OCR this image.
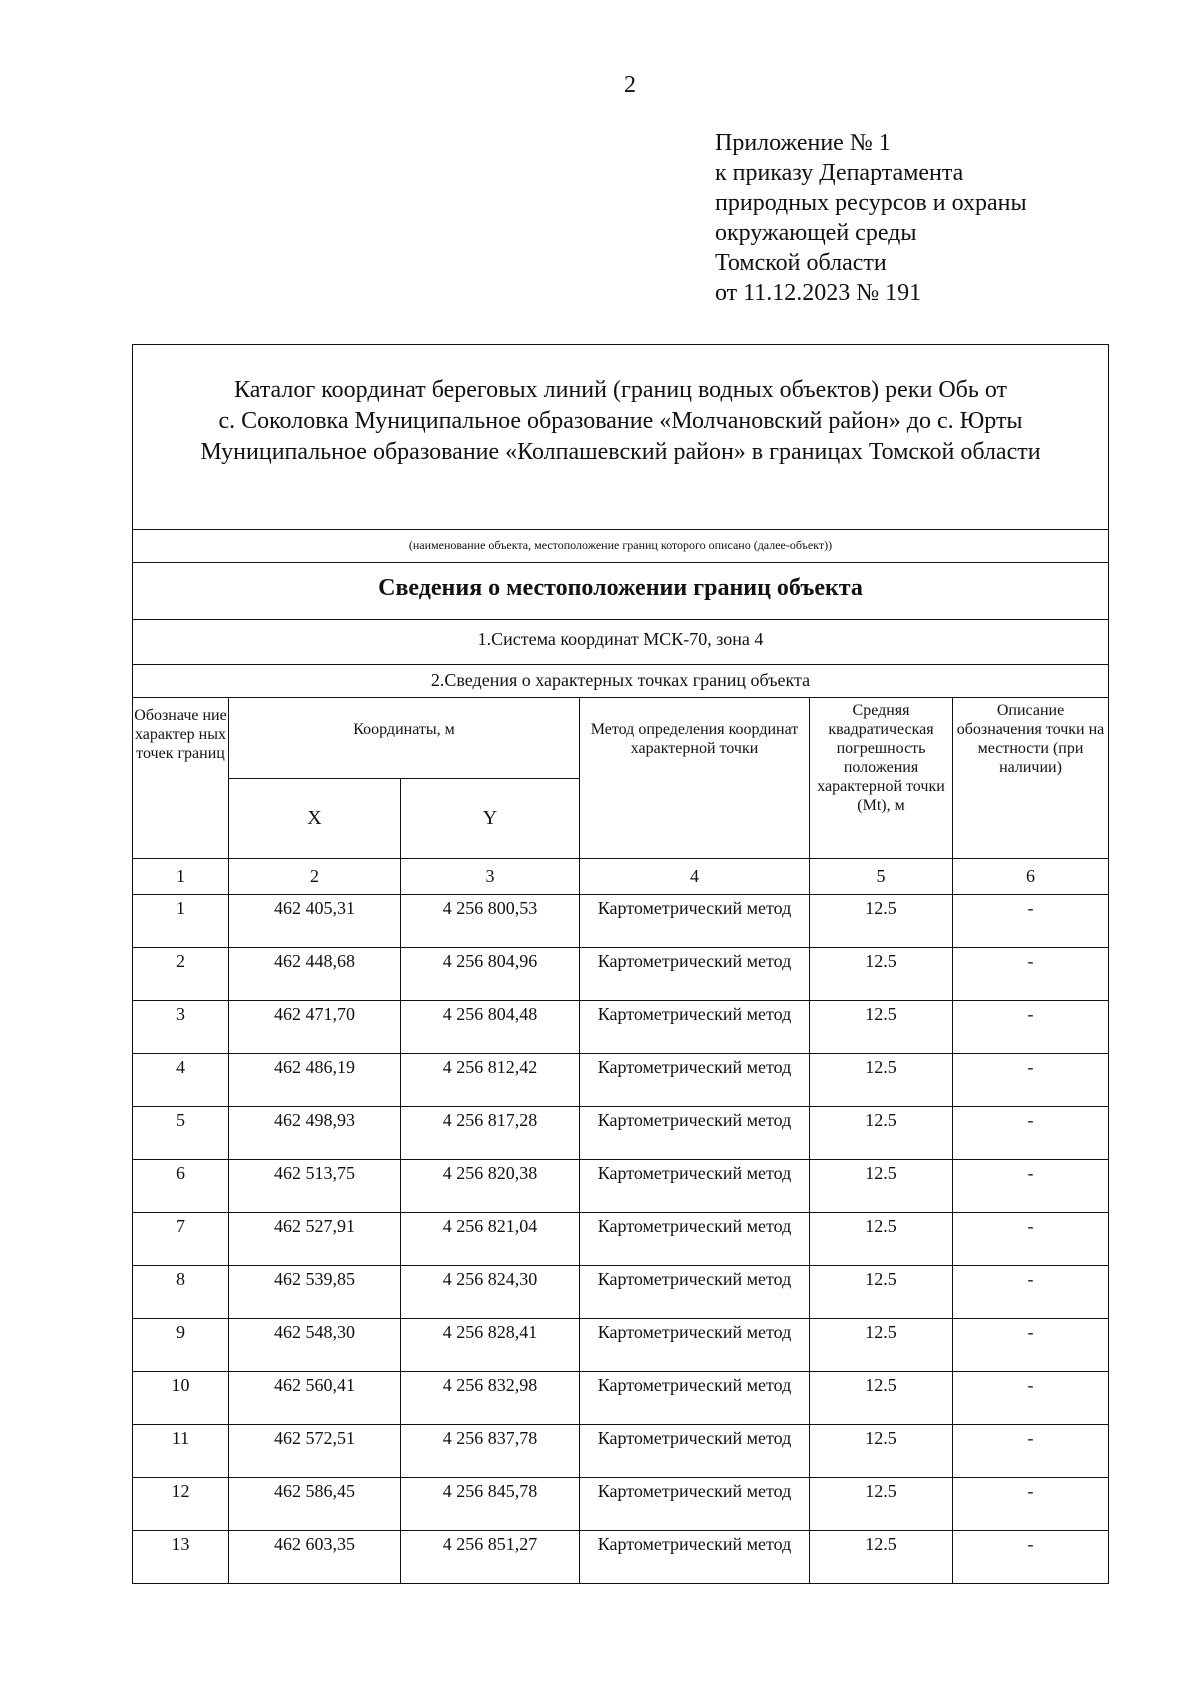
2
Приложение № 1
к приказу Департамента
природных ресурсов и охраны
окружающей среды
Томской области
от 11.12.2023 № 191
Каталог координат береговых линий (границ водных объектов) реки Обь от
с. Соколовка Муниципальное образование «Молчановский район» до с. Юрты
Муниципальное образование «Колпашевский район» в границах Томской области
(наименование объекта, местоположение границ которого описано (далее-объект))
Сведения о местоположении границ объекта
1.Система координат МСК-70, зона 4
2.Сведения о характерных точках границ объекта
Обозначе ние характер ных точек границ	Координаты, м		Метод определения координат характерной точки	Средняя квадратическая погрешность положения характерной точки (Mt), м	Описание обозначения точки на местности (при наличии)
	X	Y			
1	2	3	4	5	6
1	462 405,31	4 256 800,53	Картометрический метод	12.5	-
2	462 448,68	4 256 804,96	Картометрический метод	12.5	-
3	462 471,70	4 256 804,48	Картометрический метод	12.5	-
4	462 486,19	4 256 812,42	Картометрический метод	12.5	-
5	462 498,93	4 256 817,28	Картометрический метод	12.5	-
6	462 513,75	4 256 820,38	Картометрический метод	12.5	-
7	462 527,91	4 256 821,04	Картометрический метод	12.5	-
8	462 539,85	4 256 824,30	Картометрический метод	12.5	-
9	462 548,30	4 256 828,41	Картометрический метод	12.5	-
10	462 560,41	4 256 832,98	Картометрический метод	12.5	-
11	462 572,51	4 256 837,78	Картометрический метод	12.5	-
12	462 586,45	4 256 845,78	Картометрический метод	12.5	-
13	462 603,35	4 256 851,27	Картометрический метод	12.5	-
